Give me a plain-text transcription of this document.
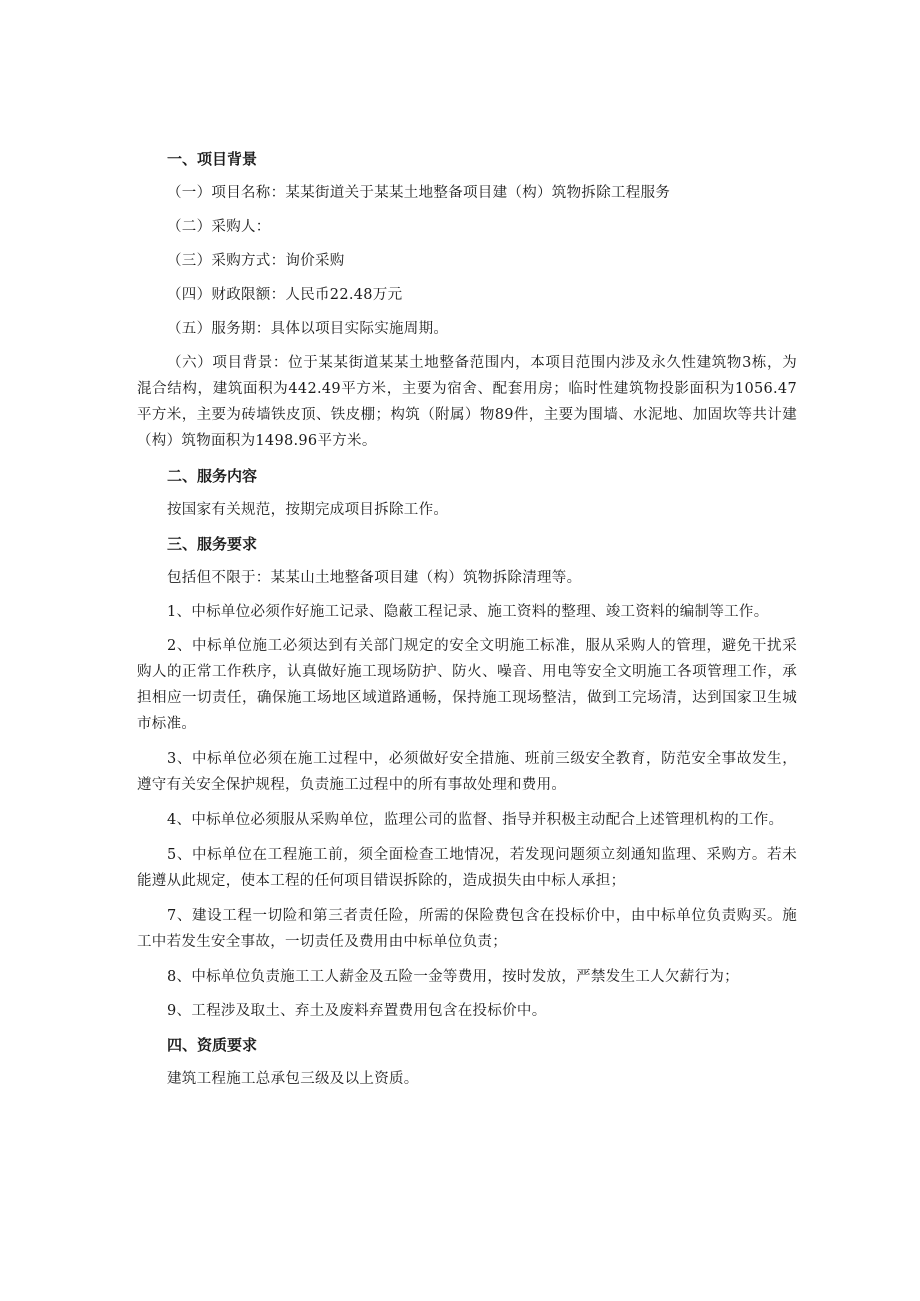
一、项目背景

（一）项目名称：某某街道关于某某土地整备项目建（构）筑物拆除工程服务

（二）采购人：

（三）采购方式：询价采购

（四）财政限额：人民币22.48万元

（五）服务期：具体以项目实际实施周期。

（六）项目背景：位于某某街道某某土地整备范围内，本项目范围内涉及永久性建筑物3栋，为混合结构，建筑面积为442.49平方米，主要为宿舍、配套用房；临时性建筑物投影面积为1056.47平方米，主要为砖墙铁皮顶、铁皮棚；构筑（附属）物89件，主要为围墙、水泥地、加固坎等共计建（构）筑物面积为1498.96平方米。

二、服务内容

按国家有关规范，按期完成项目拆除工作。

三、服务要求

包括但不限于：某某山土地整备项目建（构）筑物拆除清理等。

1、中标单位必须作好施工记录、隐蔽工程记录、施工资料的整理、竣工资料的编制等工作。

2、中标单位施工必须达到有关部门规定的安全文明施工标准，服从采购人的管理，避免干扰采购人的正常工作秩序，认真做好施工现场防护、防火、噪音、用电等安全文明施工各项管理工作，承担相应一切责任，确保施工场地区域道路通畅，保持施工现场整洁，做到工完场清，达到国家卫生城市标准。

3、中标单位必须在施工过程中，必须做好安全措施、班前三级安全教育，防范安全事故发生，遵守有关安全保护规程，负责施工过程中的所有事故处理和费用。

4、中标单位必须服从采购单位，监理公司的监督、指导并积极主动配合上述管理机构的工作。

5、中标单位在工程施工前，须全面检查工地情况，若发现问题须立刻通知监理、采购方。若未能遵从此规定，使本工程的任何项目错误拆除的，造成损失由中标人承担；

7、建设工程一切险和第三者责任险，所需的保险费包含在投标价中，由中标单位负责购买。施工中若发生安全事故，一切责任及费用由中标单位负责；

8、中标单位负责施工工人薪金及五险一金等费用，按时发放，严禁发生工人欠薪行为；

9、工程涉及取土、弃土及废料弃置费用包含在投标价中。

四、资质要求

建筑工程施工总承包三级及以上资质。
